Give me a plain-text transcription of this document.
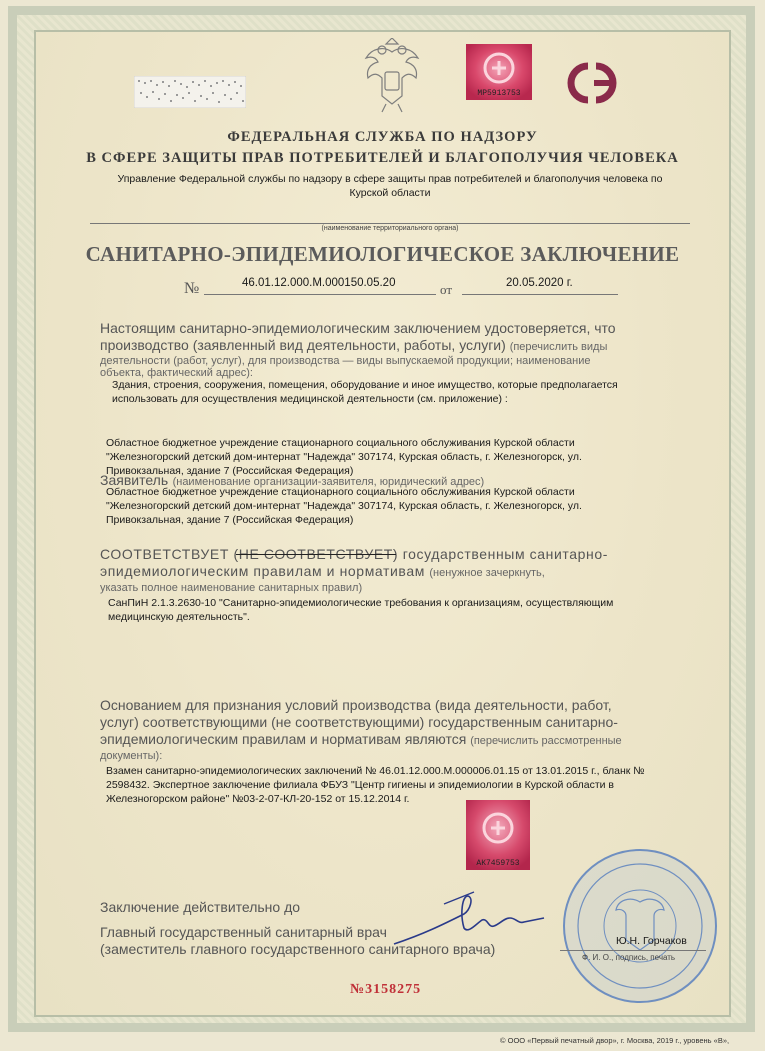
МР5913753
ФЕДЕРАЛЬНАЯ СЛУЖБА ПО НАДЗОРУ
В СФЕРЕ ЗАЩИТЫ ПРАВ ПОТРЕБИТЕЛЕЙ И БЛАГОПОЛУЧИЯ ЧЕЛОВЕКА
Управление Федеральной службы по надзору в сфере защиты прав потребителей и благополучия человека по
Курской области
(наименование территориального органа)
САНИТАРНО-ЭПИДЕМИОЛОГИЧЕСКОЕ ЗАКЛЮЧЕНИЕ
№	46.01.12.000.М.000150.05.20	от	20.05.2020 г.
Настоящим санитарно-эпидемиологическим заключением удостоверяется, что
производство (заявленный вид деятельности, работы, услуги) (перечислить виды
деятельности (работ, услуг), для производства — виды выпускаемой продукции; наименование
объекта, фактический адрес):
Здания, строения, сооружения, помещения, оборудование и иное имущество, которые предполагается
использовать для осуществления медицинской деятельности (см. приложение) :
Областное бюджетное учреждение стационарного социального обслуживания Курской области
"Железногорский детский дом-интернат "Надежда" 307174, Курская область, г. Железногорск, ул.
Привокзальная, здание 7 (Российская Федерация)
Заявитель (наименование организации-заявителя, юридический адрес)
Областное бюджетное учреждение стационарного социального обслуживания Курской области
"Железногорский детский дом-интернат "Надежда" 307174, Курская область, г. Железногорск, ул.
Привокзальная, здание 7 (Российская Федерация)
СООТВЕТСТВУЕТ (НЕ СООТВЕТСТВУЕТ) государственным санитарно-
эпидемиологическим правилам и нормативам (ненужное зачеркнуть,
указать полное наименование санитарных правил)
СанПиН 2.1.3.2630-10 "Санитарно-эпидемиологические требования к организациям, осуществляющим
медицинскую деятельность".
Основанием для признания условий производства (вида деятельности, работ,
услуг) соответствующими (не соответствующими) государственным санитарно-
эпидемиологическим правилам и нормативам являются (перечислить рассмотренные
документы):
Взамен санитарно-эпидемиологических заключений № 46.01.12.000.М.000006.01.15 от 13.01.2015 г., бланк №
2598432. Экспертное заключение филиала ФБУЗ "Центр гигиены и эпидемиологии в Курской области в
Железногорском районе" №03-2-07-КЛ-20-152 от 15.12.2014 г.
АК7459753
Заключение действительно до
Главный государственный санитарный врач
(заместитель главного государственного санитарного врача)	Ю.Н. Горчаков
Ф. И. О., подпись, печать
№3158275
© ООО «Первый печатный двор», г. Москва, 2019 г., уровень «В»,
